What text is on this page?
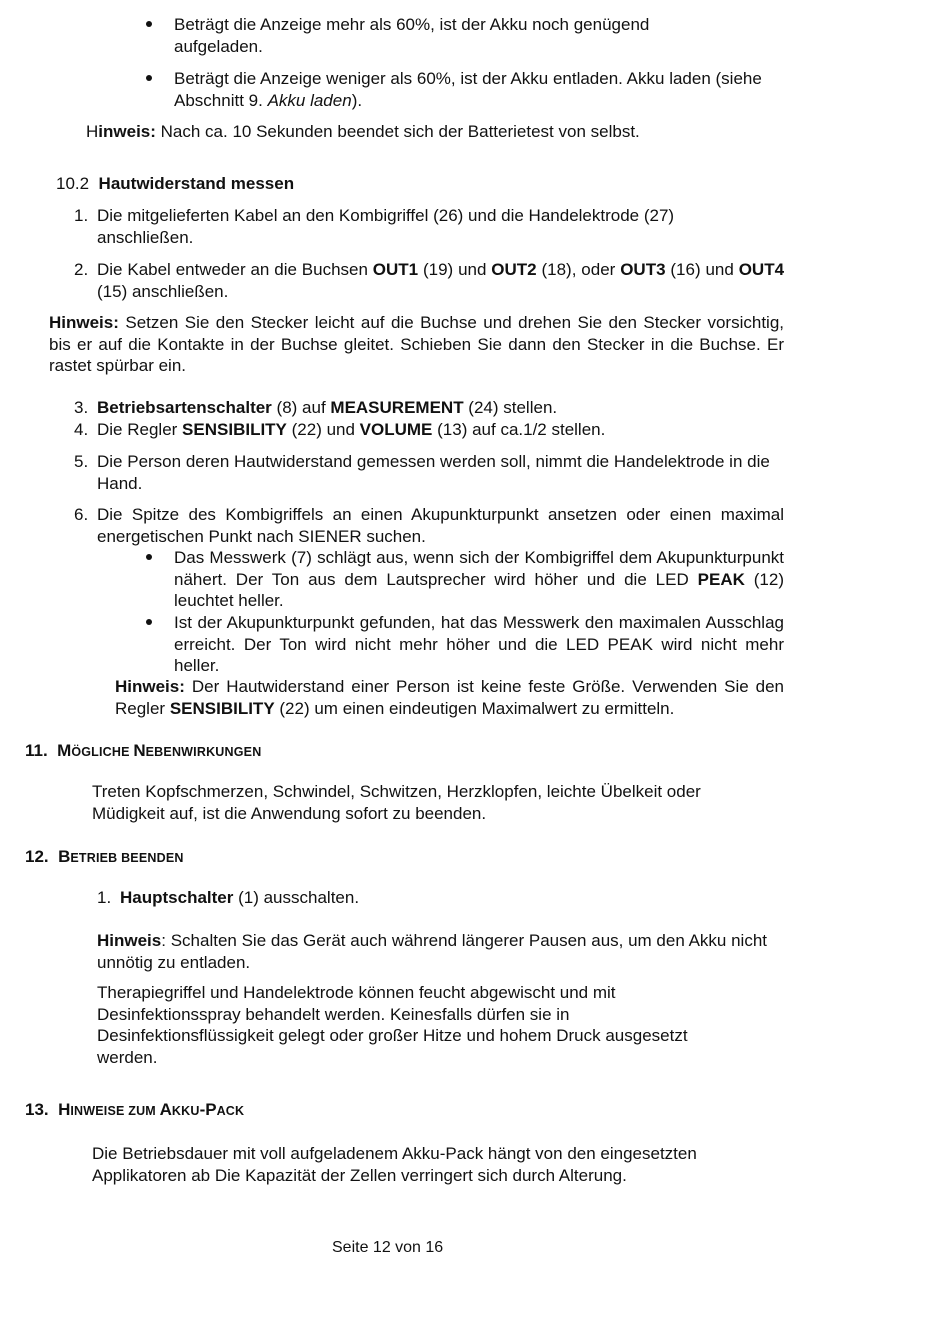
Beträgt die Anzeige mehr als 60%, ist der Akku noch genügend aufgeladen.
Beträgt die Anzeige weniger als 60%, ist der Akku entladen. Akku laden (siehe Abschnitt 9. Akku laden).
Hinweis: Nach ca. 10 Sekunden beendet sich der Batterietest von selbst.
10.2 Hautwiderstand messen
1. Die mitgelieferten Kabel an den Kombigriffel (26) und die Handelektrode (27) anschließen.
2. Die Kabel entweder an die Buchsen OUT1 (19) und OUT2 (18), oder OUT3 (16) und OUT4 (15) anschließen.
Hinweis: Setzen Sie den Stecker leicht auf die Buchse und drehen Sie den Stecker vorsichtig, bis er auf die Kontakte in der Buchse gleitet. Schieben Sie dann den Stecker in die Buchse. Er rastet spürbar ein.
3. Betriebsartenschalter (8) auf MEASUREMENT (24) stellen.
4. Die Regler SENSIBILITY (22) und VOLUME (13) auf ca.1/2 stellen.
5. Die Person deren Hautwiderstand gemessen werden soll, nimmt die Handelektrode in die Hand.
6. Die Spitze des Kombigriffels an einen Akupunkturpunkt ansetzen oder einen maximal energetischen Punkt nach SIENER suchen.
Das Messwerk (7) schlägt aus, wenn sich der Kombigriffel dem Akupunkturpunkt nähert. Der Ton aus dem Lautsprecher wird höher und die LED PEAK (12) leuchtet heller.
Ist der Akupunkturpunkt gefunden, hat das Messwerk den maximalen Ausschlag erreicht. Der Ton wird nicht mehr höher und die LED PEAK wird nicht mehr heller.
Hinweis: Der Hautwiderstand einer Person ist keine feste Größe. Verwenden Sie den Regler SENSIBILITY (22) um einen eindeutigen Maximalwert zu ermitteln.
11. MÖGLICHE NEBENWIRKUNGEN
Treten Kopfschmerzen, Schwindel, Schwitzen, Herzklopfen, leichte Übelkeit oder Müdigkeit auf, ist die Anwendung sofort zu beenden.
12. BETRIEB BEENDEN
1. Hauptschalter (1) ausschalten.
Hinweis: Schalten Sie das Gerät auch während längerer Pausen aus, um den Akku nicht unnötig zu entladen.
Therapiegriffel und Handelektrode können feucht abgewischt und mit Desinfektionsspray behandelt werden. Keinesfalls dürfen sie in Desinfektionsflüssigkeit gelegt oder großer Hitze und hohem Druck ausgesetzt werden.
13. HINWEISE ZUM AKKU-PACK
Die Betriebsdauer mit voll aufgeladenem Akku-Pack hängt von den eingesetzten Applikatoren ab Die Kapazität der Zellen verringert sich durch Alterung.
Seite 12 von 16
